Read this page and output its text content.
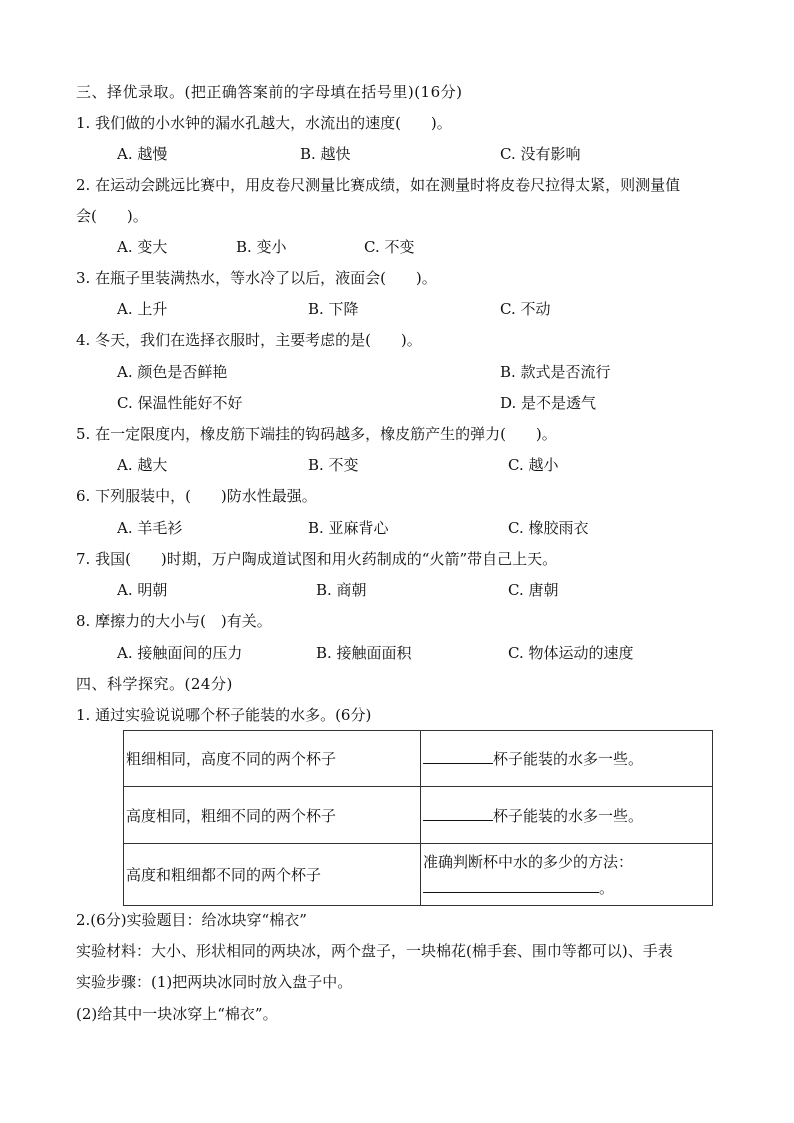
三、择优录取。(把正确答案前的字母填在括号里)(16分)
1. 我们做的小水钟的漏水孔越大，水流出的速度(　　)。
A. 越慢	B. 越快	C. 没有影响
2. 在运动会跳远比赛中，用皮卷尺测量比赛成绩，如在测量时将皮卷尺拉得太紧，则测量值
会(　　)。
A. 变大	B. 变小	C. 不变
3. 在瓶子里装满热水，等水冷了以后，液面会(　　)。
A. 上升	B. 下降	C. 不动
4. 冬天，我们在选择衣服时，主要考虑的是(　　)。
A. 颜色是否鲜艳	B. 款式是否流行
C. 保温性能好不好	D. 是不是透气
5. 在一定限度内，橡皮筋下端挂的钩码越多，橡皮筋产生的弹力(　　)。
A. 越大	B. 不变	C. 越小
6. 下列服装中，(　　)防水性最强。
A. 羊毛衫	B. 亚麻背心	C. 橡胶雨衣
7. 我国(　　)时期，万户陶成道试图和用火药制成的“火箭”带自己上天。
A. 明朝	B. 商朝	C. 唐朝
8. 摩擦力的大小与(　)有关。
A. 接触面间的压力	B. 接触面面积	C. 物体运动的速度
四、科学探究。(24分)
1. 通过实验说说哪个杯子能装的水多。(6分)
粗细相同，高度不同的两个杯子	杯子能装的水多一些。
高度相同，粗细不同的两个杯子	杯子能装的水多一些。
高度和粗细都不同的两个杯子	准确判断杯中水的多少的方法：
。
2.(6分)实验题目：给冰块穿“棉衣”
实验材料：大小、形状相同的两块冰，两个盘子，一块棉花(棉手套、围巾等都可以)、手表
实验步骤：(1)把两块冰同时放入盘子中。
(2)给其中一块冰穿上“棉衣”。
